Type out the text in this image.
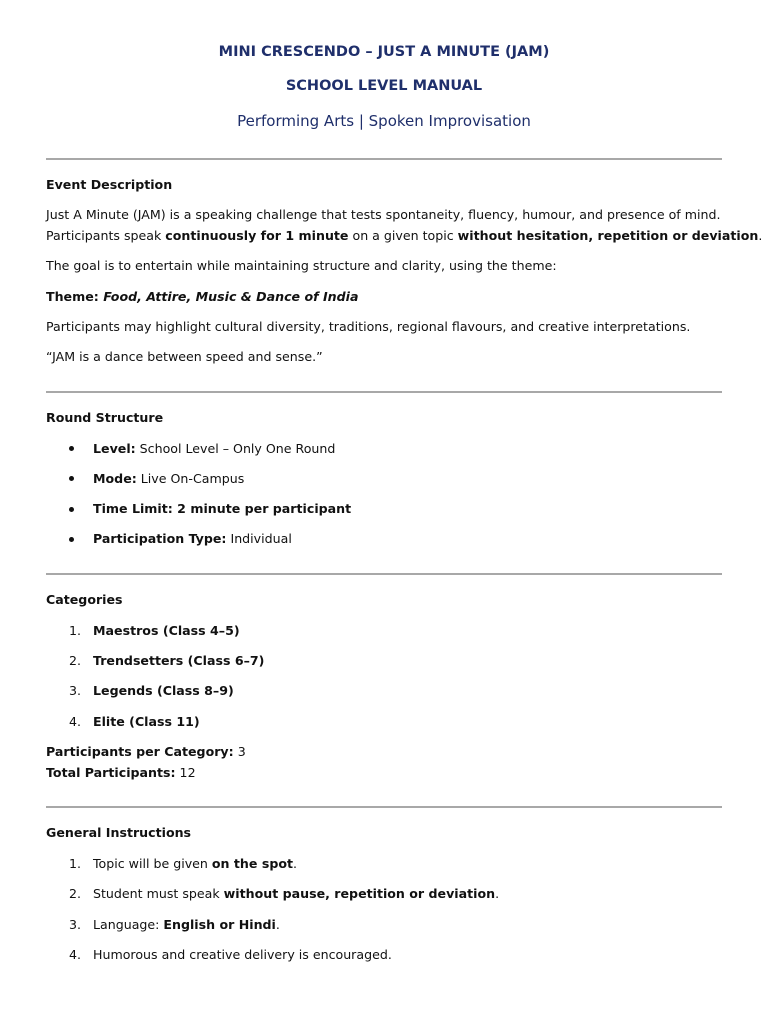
MINI CRESCENDO – JUST A MINUTE (JAM)
SCHOOL LEVEL MANUAL
Performing Arts | Spoken Improvisation
Event Description
Just A Minute (JAM) is a speaking challenge that tests spontaneity, fluency, humour, and presence of mind.
Participants speak continuously for 1 minute on a given topic without hesitation, repetition or deviation.
The goal is to entertain while maintaining structure and clarity, using the theme:
Theme: Food, Attire, Music & Dance of India
Participants may highlight cultural diversity, traditions, regional flavours, and creative interpretations.
“JAM is a dance between speed and sense.”
Round Structure
Level: School Level – Only One Round
Mode: Live On-Campus
Time Limit: 2 minute per participant
Participation Type: Individual
Categories
1. Maestros (Class 4–5)
2. Trendsetters (Class 6–7)
3. Legends (Class 8–9)
4. Elite (Class 11)
Participants per Category: 3
Total Participants: 12
General Instructions
1. Topic will be given on the spot.
2. Student must speak without pause, repetition or deviation.
3. Language: English or Hindi.
4. Humorous and creative delivery is encouraged.
